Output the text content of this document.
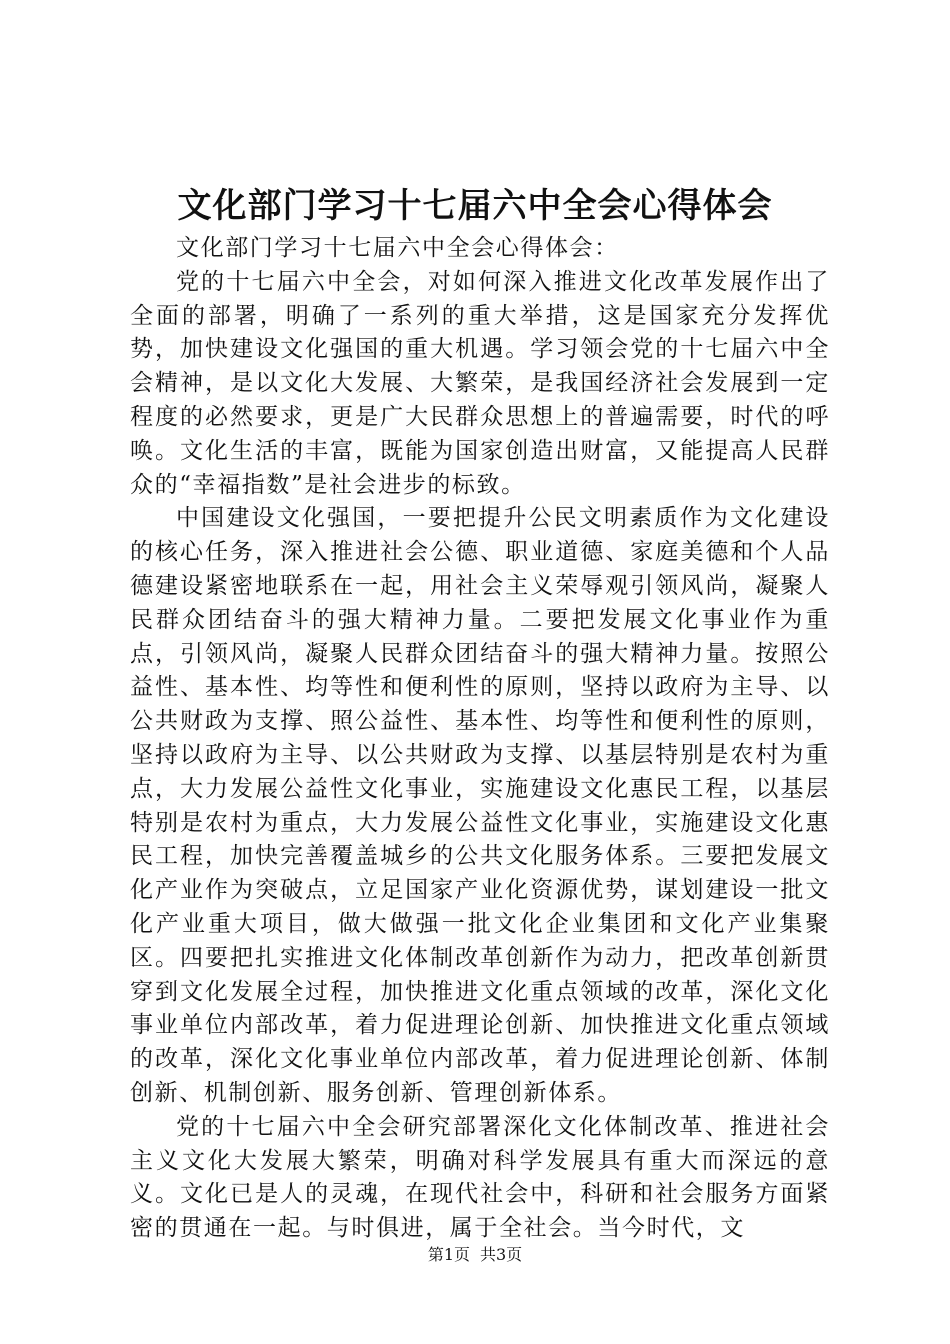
文化部门学习十七届六中全会心得体会

文化部门学习十七届六中全会心得体会：

党的十七届六中全会，对如何深入推进文化改革发展作出了全面的部署，明确了一系列的重大举措，这是国家充分发挥优势，加快建设文化强国的重大机遇。学习领会党的十七届六中全会精神，是以文化大发展、大繁荣，是我国经济社会发展到一定程度的必然要求，更是广大民群众思想上的普遍需要，时代的呼唤。文化生活的丰富，既能为国家创造出财富，又能提高人民群众的“幸福指数”是社会进步的标致。

中国建设文化强国，一要把提升公民文明素质作为文化建设的核心任务，深入推进社会公德、职业道德、家庭美德和个人品德建设紧密地联系在一起，用社会主义荣辱观引领风尚，凝聚人民群众团结奋斗的强大精神力量。二要把发展文化事业作为重点，引领风尚，凝聚人民群众团结奋斗的强大精神力量。按照公益性、基本性、均等性和便利性的原则，坚持以政府为主导、以公共财政为支撑、照公益性、基本性、均等性和便利性的原则，坚持以政府为主导、以公共财政为支撑、以基层特别是农村为重点，大力发展公益性文化事业，实施建设文化惠民工程，以基层特别是农村为重点，大力发展公益性文化事业，实施建设文化惠民工程，加快完善覆盖城乡的公共文化服务体系。三要把发展文化产业作为突破点，立足国家产业化资源优势，谋划建设一批文化产业重大项目，做大做强一批文化企业集团和文化产业集聚区。四要把扎实推进文化体制改革创新作为动力，把改革创新贯穿到文化发展全过程，加快推进文化重点领域的改革，深化文化事业单位内部改革，着力促进理论创新、加快推进文化重点领域的改革，深化文化事业单位内部改革，着力促进理论创新、体制创新、机制创新、服务创新、管理创新体系。

党的十七届六中全会研究部署深化文化体制改革、推进社会主义文化大发展大繁荣，明确对科学发展具有重大而深远的意义。文化已是人的灵魂，在现代社会中，科研和社会服务方面紧密的贯通在一起。与时俱进，属于全社会。当今时代，文

第1页 共3页
